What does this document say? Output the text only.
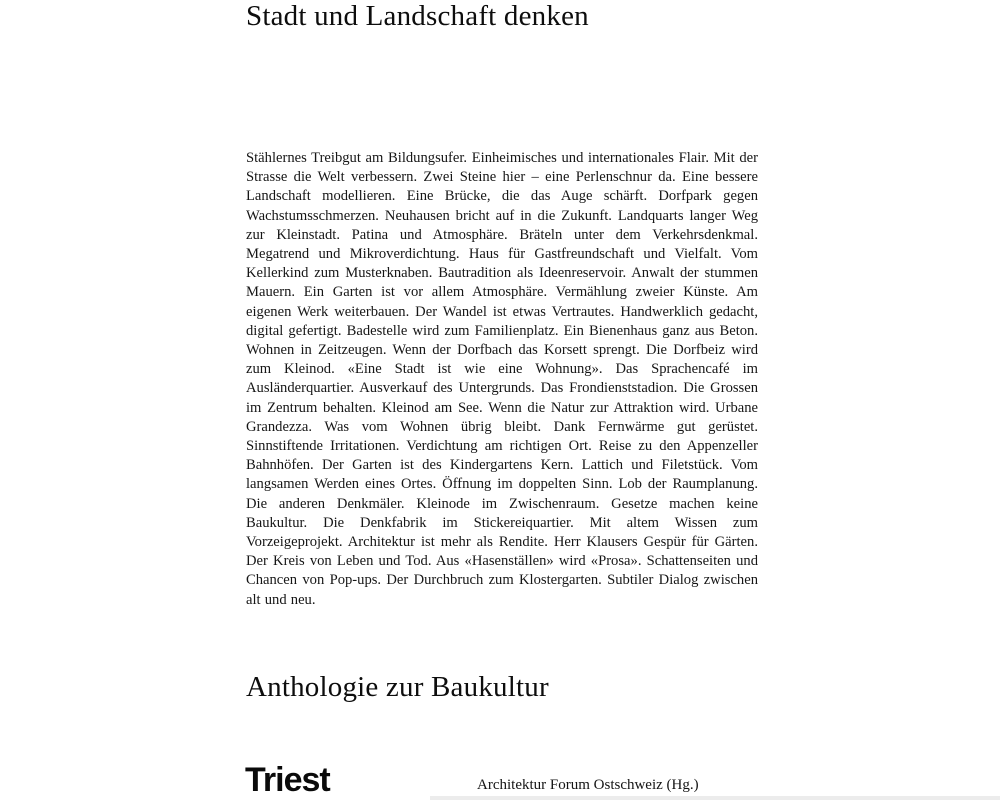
Stadt und Landschaft denken

Stählernes Treibgut am Bildungsufer. Einheimisches und internationales Flair. Mit der Strasse die Welt verbessern. Zwei Steine hier – eine Perlenschnur da. Eine bessere Landschaft modellieren. Eine Brücke, die das Auge schärft. Dorfpark gegen Wachstumsschmerzen. Neuhausen bricht auf in die Zukunft. Landquarts langer Weg zur Kleinstadt. Patina und Atmosphäre. Bräteln unter dem Verkehrsdenkmal. Megatrend und Mikroverdichtung. Haus für Gastfreundschaft und Vielfalt. Vom Kellerkind zum Musterknaben. Bautradition als Ideenreservoir. Anwalt der stummen Mauern. Ein Garten ist vor allem Atmosphäre. Vermählung zweier Künste. Am eigenen Werk weiterbauen. Der Wandel ist etwas Vertrautes. Handwerklich gedacht, digital gefertigt. Badestelle wird zum Familienplatz. Ein Bienenhaus ganz aus Beton. Wohnen in Zeitzeugen. Wenn der Dorfbach das Korsett sprengt. Die Dorfbeiz wird zum Kleinod. «Eine Stadt ist wie eine Wohnung». Das Sprachencafé im Ausländerquartier. Ausverkauf des Untergrunds. Das Frondienststadion. Die Grossen im Zentrum behalten. Kleinod am See. Wenn die Natur zur Attraktion wird. Urbane Grandezza. Was vom Wohnen übrig bleibt. Dank Fernwärme gut gerüstet. Sinnstiftende Irritationen. Verdichtung am richtigen Ort. Reise zu den Appenzeller Bahnhöfen. Der Garten ist des Kindergartens Kern. Lattich und Filetstück. Vom langsamen Werden eines Ortes. Öffnung im doppelten Sinn. Lob der Raumplanung. Die anderen Denkmäler. Kleinode im Zwischenraum. Gesetze machen keine Baukultur. Die Denkfabrik im Stickereiquartier. Mit altem Wissen zum Vorzeigeprojekt. Architektur ist mehr als Rendite. Herr Klausers Gespür für Gärten. Der Kreis von Leben und Tod. Aus «Hasenställen» wird «Prosa». Schattenseiten und Chancen von Pop-ups. Der Durchbruch zum Klostergarten. Subtiler Dialog zwischen alt und neu.

Anthologie zur Baukultur
Triest	Architektur Forum Ostschweiz (Hg.)
